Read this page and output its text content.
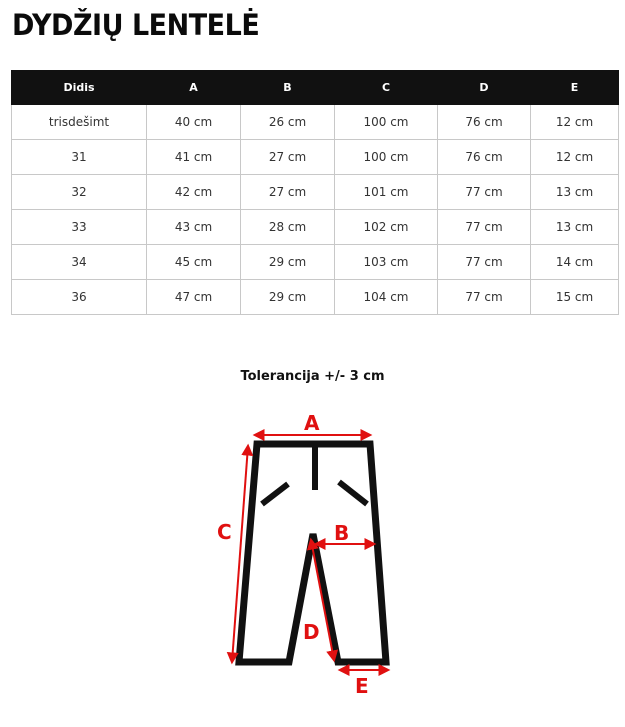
DYDŽIŲ LENTELĖ
Didis	A	B	C	D	E
trisdešimt	40 cm	26 cm	100 cm	76 cm	12 cm
31	41 cm	27 cm	100 cm	76 cm	12 cm
32	42 cm	27 cm	101 cm	77 cm	13 cm
33	43 cm	28 cm	102 cm	77 cm	13 cm
34	45 cm	29 cm	103 cm	77 cm	14 cm
36	47 cm	29 cm	104 cm	77 cm	15 cm
Tolerancija +/- 3 cm
A
B
C
D
E
